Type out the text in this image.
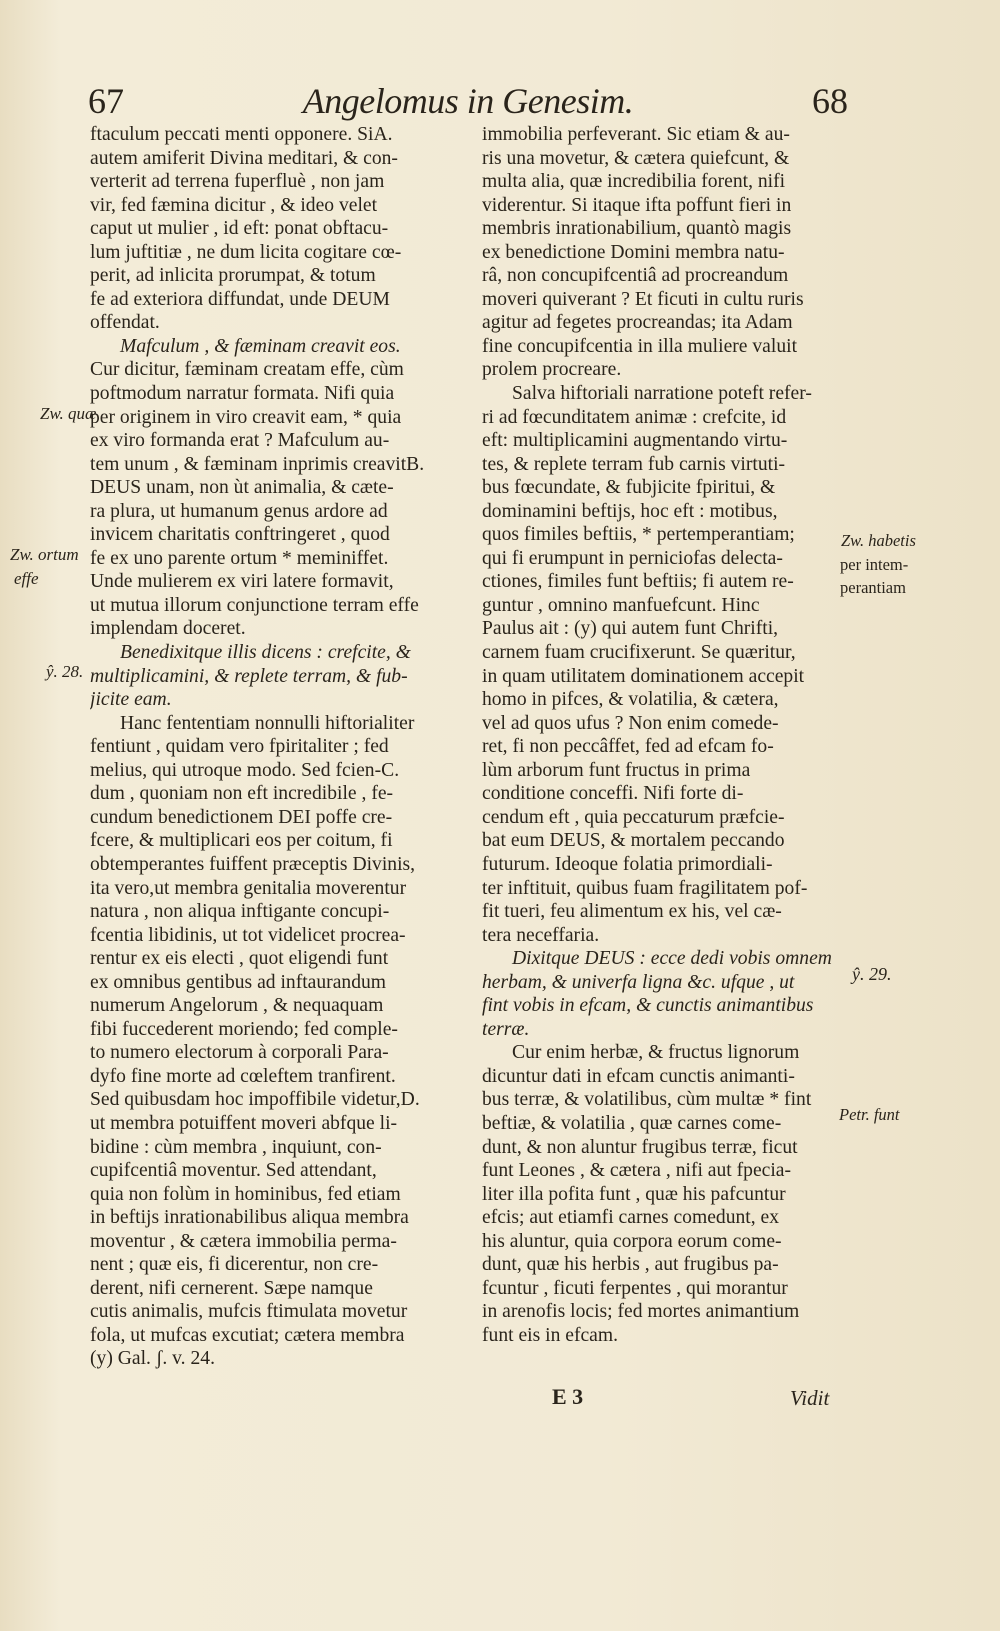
67	Angelomus in Genesim.	68
ftaculum peccati menti opponere. SiA.
autem amiferit Divina meditari, & con-
verterit ad terrena fuperfluè , non jam
vir, fed fæmina dicitur , & ideo velet
caput ut mulier , id eft: ponat obftacu-
lum juftitiæ , ne dum licita cogitare cœ-
perit, ad inlicita prorumpat, & totum
fe ad exteriora diffundat, unde DEUM
offendat.
Mafculum , & fæminam creavit eos.
Cur dicitur, fæminam creatam effe, cùm
poftmodum narratur formata. Nifi quia
per originem in viro creavit eam, * quia
ex viro formanda erat ? Mafculum au-
tem unum , & fæminam inprimis creavitB.
DEUS unam, non ùt animalia, & cæte-
ra plura, ut humanum genus ardore ad
invicem charitatis conftringeret , quod
fe ex uno parente ortum * meminiffet.
Unde mulierem ex viri latere formavit,
ut mutua illorum conjunctione terram effe
implendam doceret.
Benedixitque illis dicens : crefcite, &
multiplicamini, & replete terram, & fub-
jicite eam.
Hanc fententiam nonnulli hiftorialiter
fentiunt , quidam vero fpiritaliter ; fed
melius, qui utroque modo. Sed fcien-C.
dum , quoniam non eft incredibile , fe-
cundum benedictionem DEI poffe cre-
fcere, & multiplicari eos per coitum, fi
obtemperantes fuiffent præceptis Divinis,
ita vero,ut membra genitalia moverentur
natura , non aliqua inftigante concupi-
fcentia libidinis, ut tot videlicet procrea-
rentur ex eis electi , quot eligendi funt
ex omnibus gentibus ad inftaurandum
numerum Angelorum , & nequaquam
fibi fuccederent moriendo; fed comple-
to numero electorum à corporali Para-
dyfo fine morte ad cœleftem tranfirent.
Sed quibusdam hoc impoffibile videtur,D.
ut membra potuiffent moveri abfque li-
bidine : cùm membra , inquiunt, con-
cupifcentiâ moventur. Sed attendant,
quia non folùm in hominibus, fed etiam
in beftijs inrationabilibus aliqua membra
moventur , & cætera immobilia perma-
nent ; quæ eis, fi dicerentur, non cre-
derent, nifi cernerent. Sæpe namque
cutis animalis, mufcis ftimulata movetur
fola, ut mufcas excutiat; cætera membra
(y) Gal. ʃ. v. 24.
immobilia perfeverant. Sic etiam & au-
ris una movetur, & cætera quiefcunt, &
multa alia, quæ incredibilia forent, nifi
viderentur. Si itaque ifta poffunt fieri in
membris inrationabilium, quantò magis
ex benedictione Domini membra natu-
râ, non concupifcentiâ ad procreandum
moveri quiverant ? Et ficuti in cultu ruris
agitur ad fegetes procreandas; ita Adam
fine concupifcentia in illa muliere valuit
prolem procreare.
Salva hiftoriali narratione poteft refer-
ri ad fœcunditatem animæ : crefcite, id
eft: multiplicamini augmentando virtu-
tes, & replete terram fub carnis virtuti-
bus fœcundate, & fubjicite fpiritui, &
dominamini beftijs, hoc eft : motibus,
quos fimiles beftiis, * pertemperantiam;
qui fi erumpunt in perniciofas delecta-
ctiones, fimiles funt beftiis; fi autem re-
guntur , omnino manfuefcunt. Hinc
Paulus ait : (y) qui autem funt Chrifti,
carnem fuam crucifixerunt. Se quæritur,
in quam utilitatem dominationem accepit
homo in pifces, & volatilia, & cætera,
vel ad quos ufus ? Non enim comede-
ret, fi non peccâffet, fed ad efcam fo-
lùm arborum funt fructus in prima
conditione conceffi. Nifi forte di-
cendum eft , quia peccaturum præfcie-
bat eum DEUS, & mortalem peccando
futurum. Ideoque folatia primordiali-
ter inftituit, quibus fuam fragilitatem pof-
fit tueri, feu alimentum ex his, vel cæ-
tera neceffaria.
Dixitque DEUS : ecce dedi vobis omnem
herbam, & univerfa ligna &c. ufque , ut
fint vobis in efcam, & cunctis animantibus
terræ.
Cur enim herbæ, & fructus lignorum
dicuntur dati in efcam cunctis animanti-
bus terræ, & volatilibus, cùm multæ * fint
beftiæ, & volatilia , quæ carnes come-
dunt, & non aluntur frugibus terræ, ficut
funt Leones , & cætera , nifi aut fpecia-
liter illa pofita funt , quæ his pafcuntur
efcis; aut etiamfi carnes comedunt, ex
his aluntur, quia corpora eorum come-
dunt, quæ his herbis , aut frugibus pa-
fcuntur , ficuti ferpentes , qui morantur
in arenofis locis; fed mortes animantium
funt eis in efcam.
Zw. quæ
Zw. ortum
effe
ŷ. 28.
Zw. habetis
per intem-
perantiam
ŷ. 29.
Petr. funt
E 3	Vidit
